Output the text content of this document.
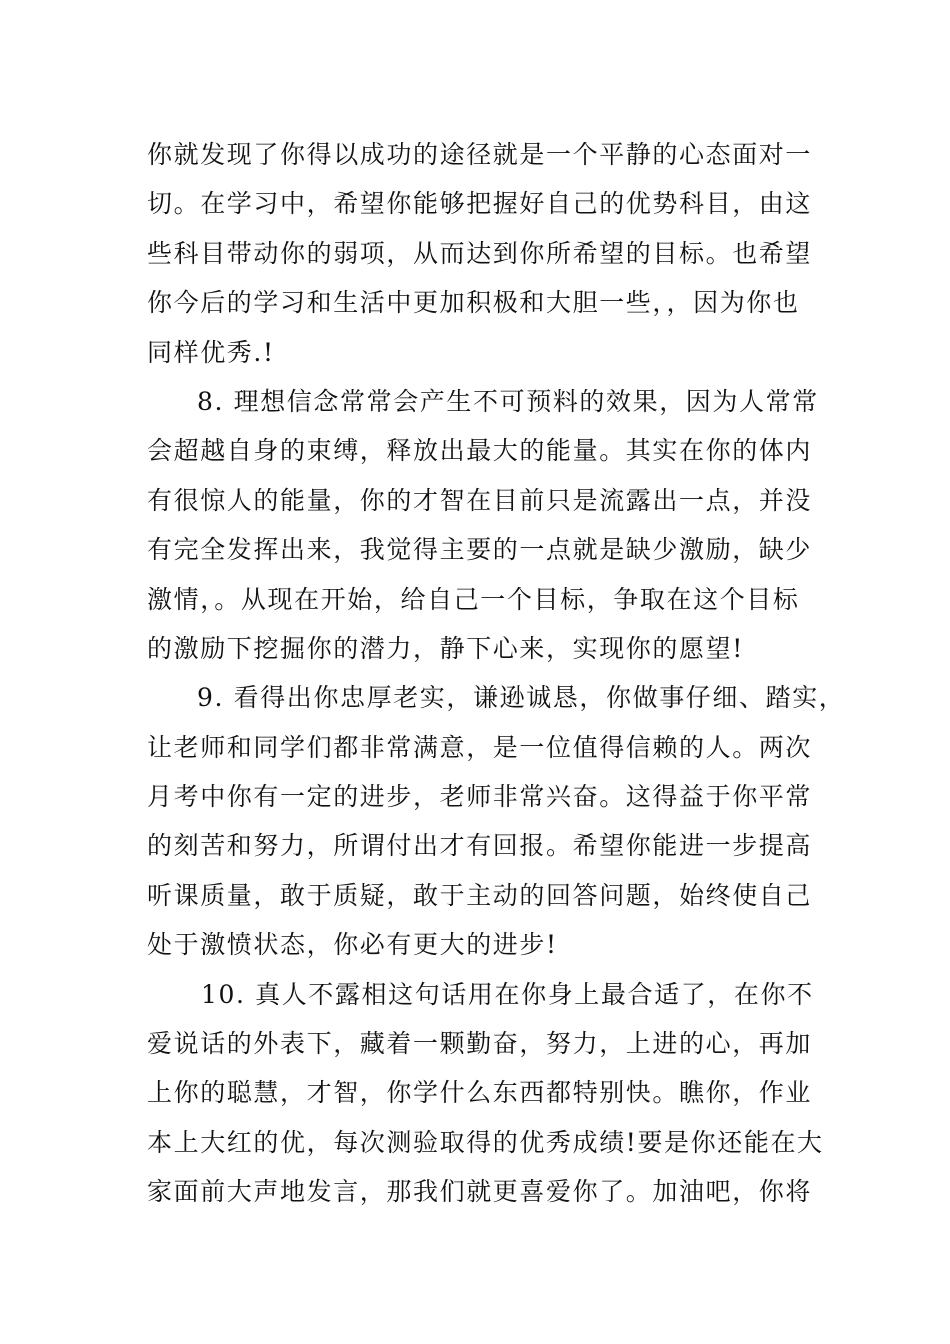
你就发现了你得以成功的途径就是一个平静的心态面对一
切。在学习中，希望你能够把握好自己的优势科目，由这
些科目带动你的弱项，从而达到你所希望的目标。也希望
你今后的学习和生活中更加积极和大胆一些，，因为你也
同样优秀.!
8. 理想信念常常会产生不可预料的效果，因为人常常
会超越自身的束缚，释放出最大的能量。其实在你的体内
有很惊人的能量，你的才智在目前只是流露出一点，并没
有完全发挥出来，我觉得主要的一点就是缺少激励，缺少
激情，。从现在开始，给自己一个目标，争取在这个目标
的激励下挖掘你的潜力，静下心来，实现你的愿望!
9. 看得出你忠厚老实，谦逊诚恳，你做事仔细、踏实，
让老师和同学们都非常满意，是一位值得信赖的人。两次
月考中你有一定的进步，老师非常兴奋。这得益于你平常
的刻苦和努力，所谓付出才有回报。希望你能进一步提高
听课质量，敢于质疑，敢于主动的回答问题，始终使自己
处于激愤状态，你必有更大的进步!
10. 真人不露相这句话用在你身上最合适了，在你不
爱说话的外表下，藏着一颗勤奋，努力，上进的心，再加
上你的聪慧，才智，你学什么东西都特别快。瞧你，作业
本上大红的优，每次测验取得的优秀成绩!要是你还能在大
家面前大声地发言，那我们就更喜爱你了。加油吧，你将
